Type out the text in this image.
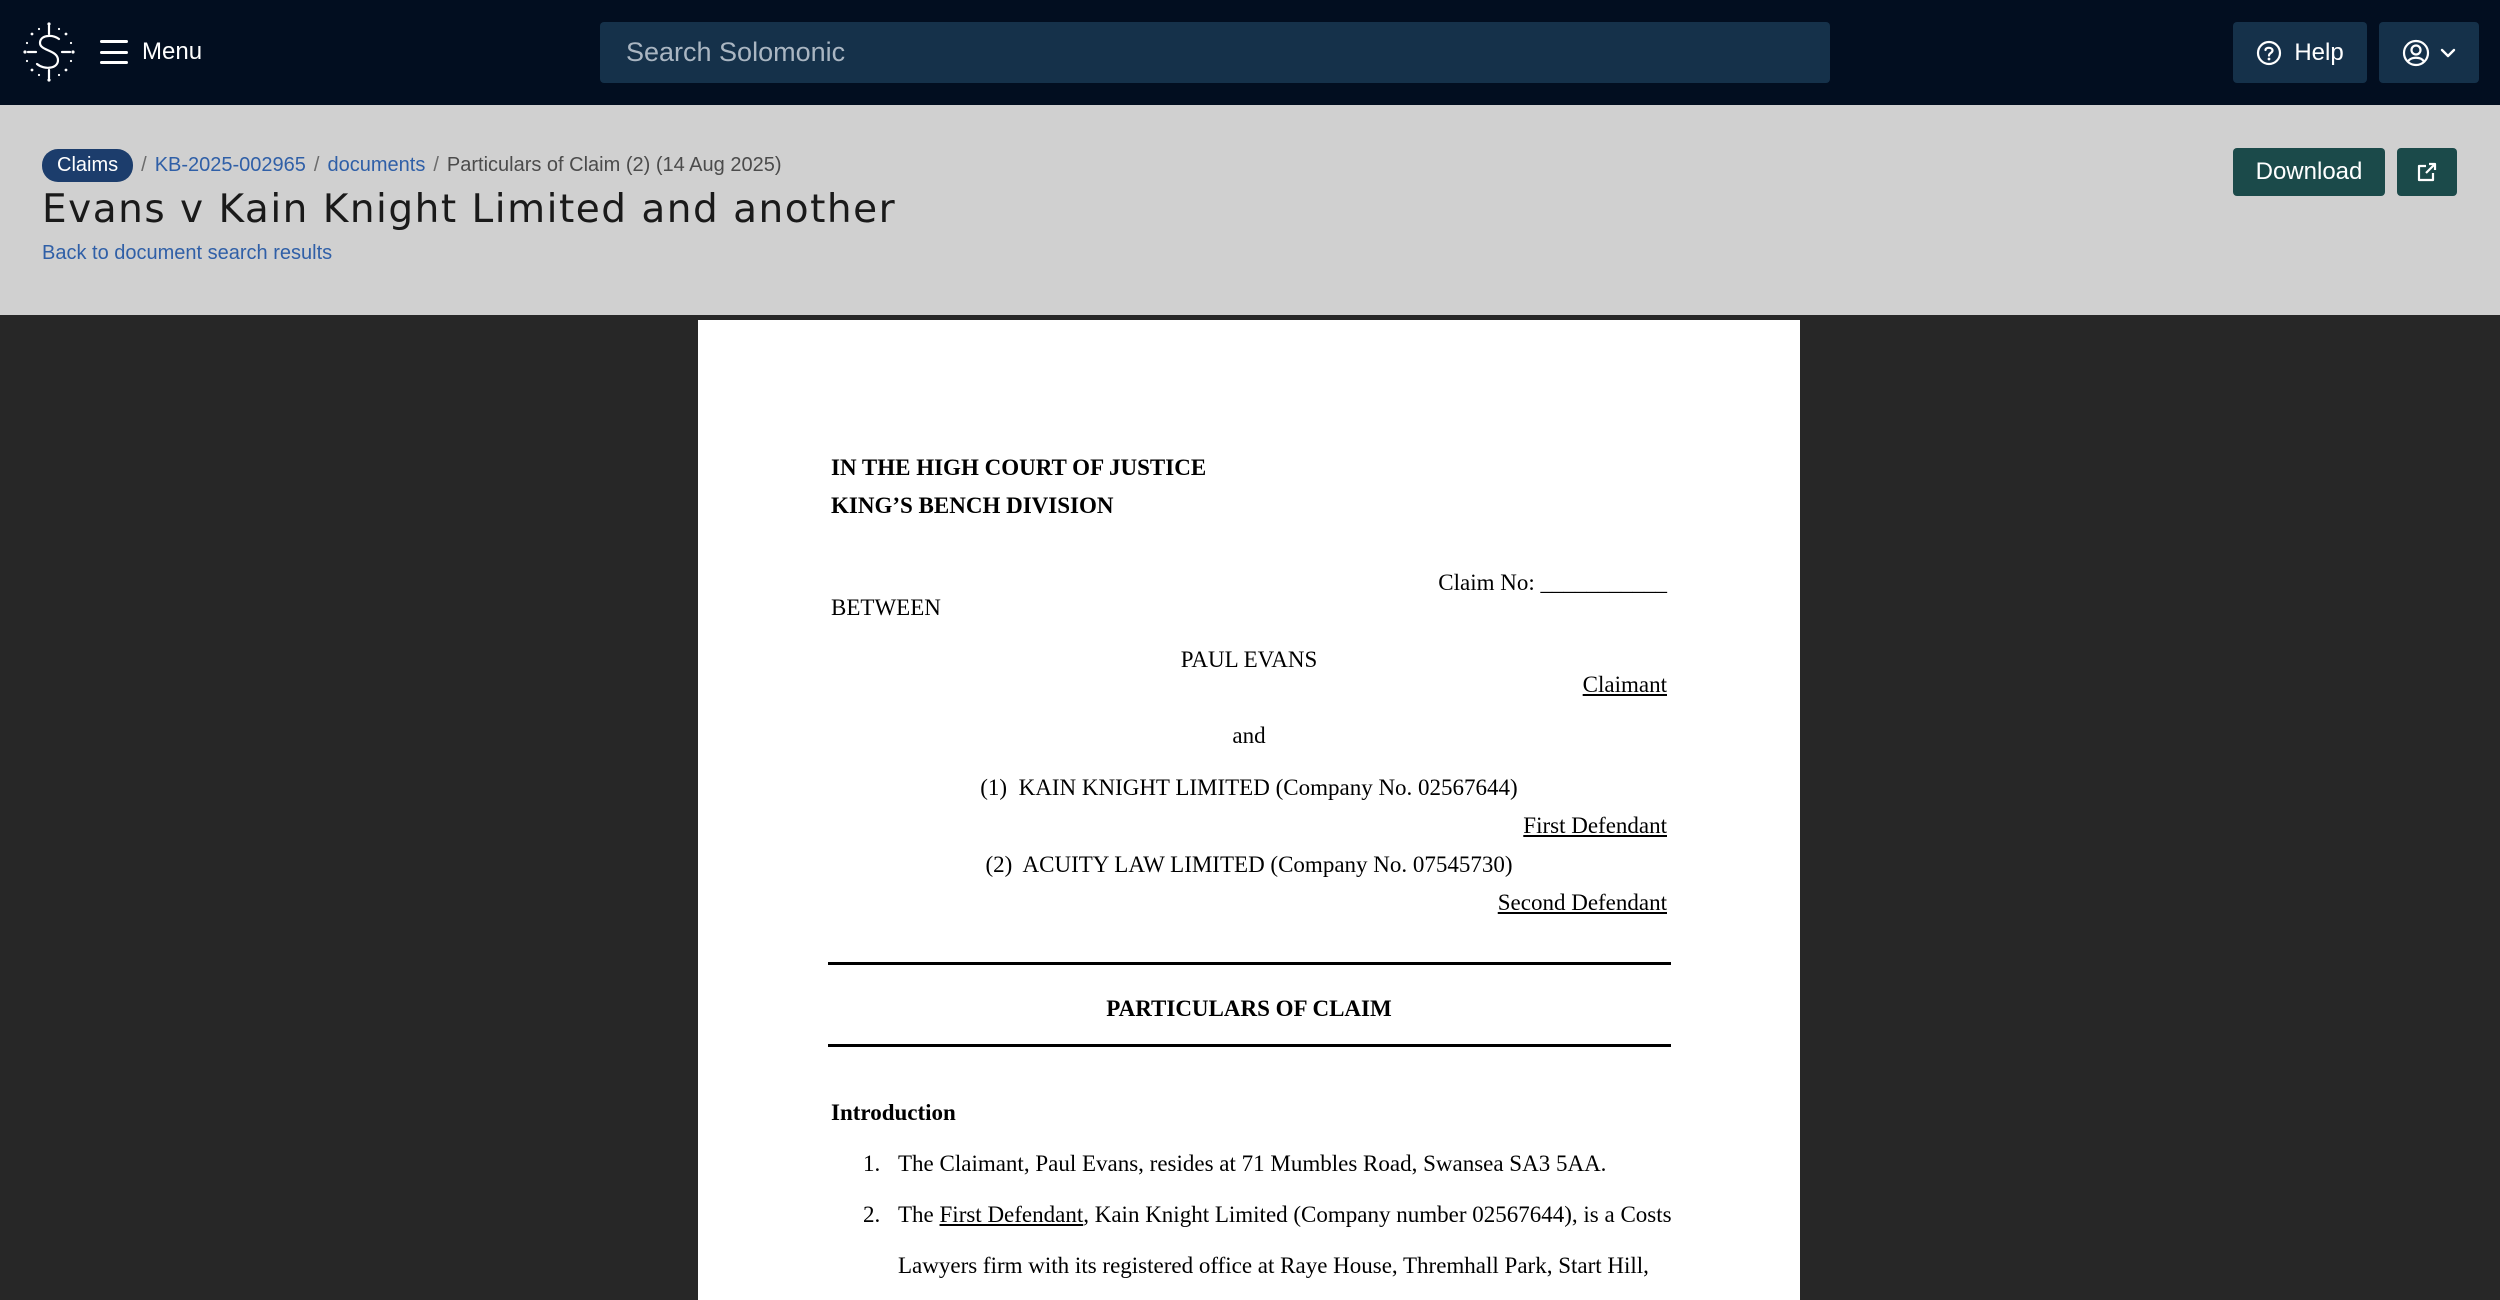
Menu
Search Solomonic	Help
Claims	/ KB-2025-002965 / documents / Particulars of Claim (2) (14 Aug 2025)
Evans v Kain Knight Limited and another
Back to document search results
Download
IN THE HIGH COURT OF JUSTICE
KING’S BENCH DIVISION
Claim No: ___________
BETWEEN
PAUL EVANS
Claimant
and
(1) KAIN KNIGHT LIMITED (Company No. 02567644)
First Defendant
(2) ACUITY LAW LIMITED (Company No. 07545730)
Second Defendant
PARTICULARS OF CLAIM
Introduction
1. The Claimant, Paul Evans, resides at 71 Mumbles Road, Swansea SA3 5AA.
2. The First Defendant, Kain Knight Limited (Company number 02567644), is a Costs
Lawyers firm with its registered office at Raye House, Thremhall Park, Start Hill,
